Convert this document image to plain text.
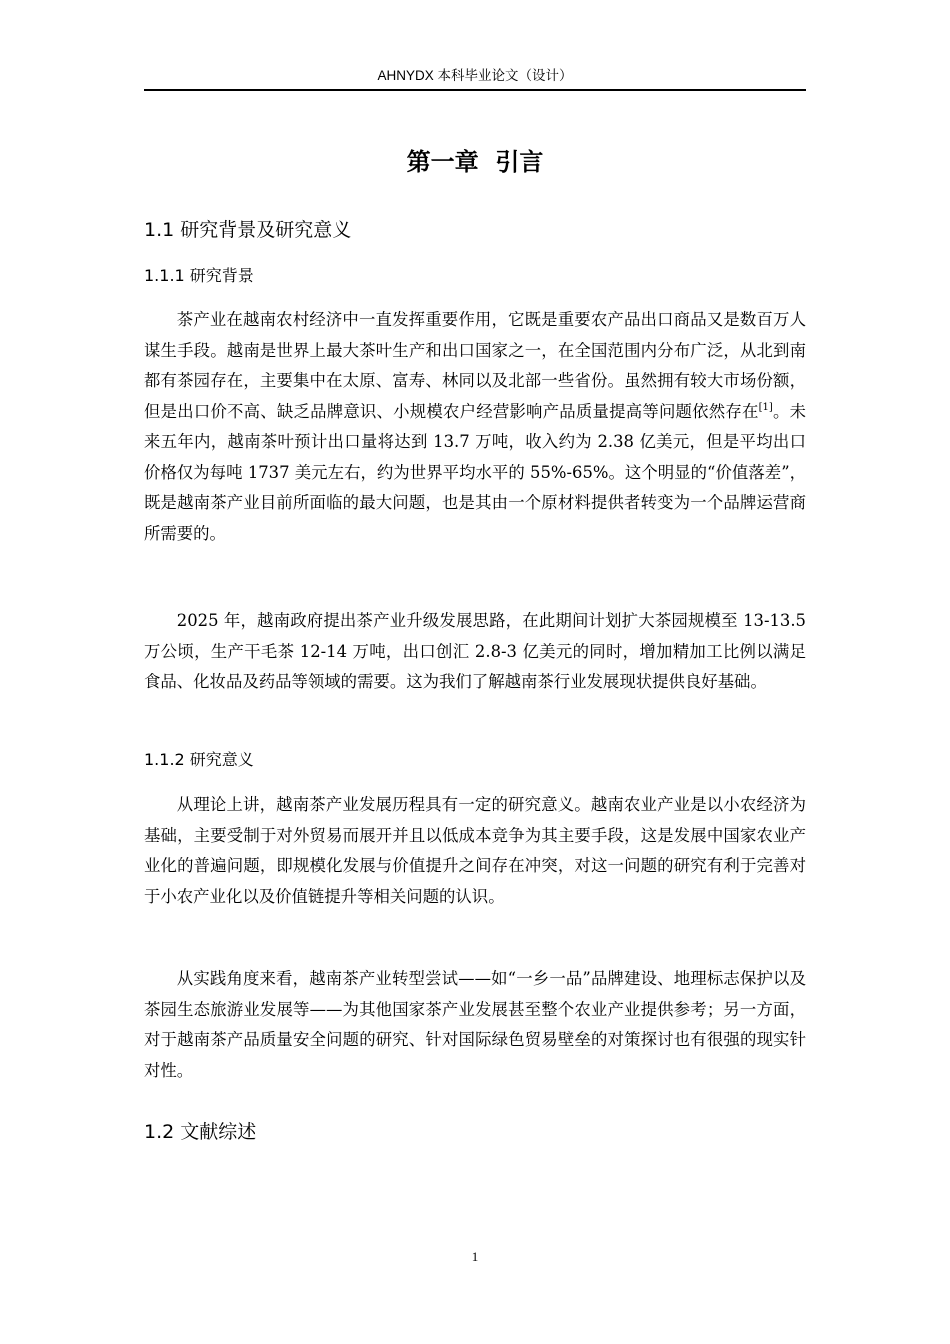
AHNYDX 本科毕业论文（设计）
第一章  引言
1.1 研究背景及研究意义
1.1.1 研究背景

茶产业在越南农村经济中一直发挥重要作用，它既是重要农产品出口商品又是数百万人谋生手段。越南是世界上最大茶叶生产和出口国家之一，在全国范围内分布广泛，从北到南都有茶园存在，主要集中在太原、富寿、林同以及北部一些省份。虽然拥有较大市场份额，但是出口价不高、缺乏品牌意识、小规模农户经营影响产品质量提高等问题依然存在[1]。未来五年内，越南茶叶预计出口量将达到 13.7 万吨，收入约为 2.38 亿美元，但是平均出口价格仅为每吨 1737 美元左右，约为世界平均水平的 55%-65%。这个明显的“价值落差”，既是越南茶产业目前所面临的最大问题，也是其由一个原材料提供者转变为一个品牌运营商所需要的。

2025 年，越南政府提出茶产业升级发展思路，在此期间计划扩大茶园规模至 13-13.5 万公顷，生产干毛茶 12-14 万吨，出口创汇 2.8-3 亿美元的同时，增加精加工比例以满足食品、化妆品及药品等领域的需要。这为我们了解越南茶行业发展现状提供良好基础。

1.1.2 研究意义

从理论上讲，越南茶产业发展历程具有一定的研究意义。越南农业产业是以小农经济为基础，主要受制于对外贸易而展开并且以低成本竞争为其主要手段，这是发展中国家农业产业化的普遍问题，即规模化发展与价值提升之间存在冲突，对这一问题的研究有利于完善对于小农产业化以及价值链提升等相关问题的认识。

从实践角度来看，越南茶产业转型尝试——如“一乡一品”品牌建设、地理标志保护以及茶园生态旅游业发展等——为其他国家茶产业发展甚至整个农业产业提供参考；另一方面，对于越南茶产品质量安全问题的研究、针对国际绿色贸易壁垒的对策探讨也有很强的现实针对性。

1.2 文献综述
1
